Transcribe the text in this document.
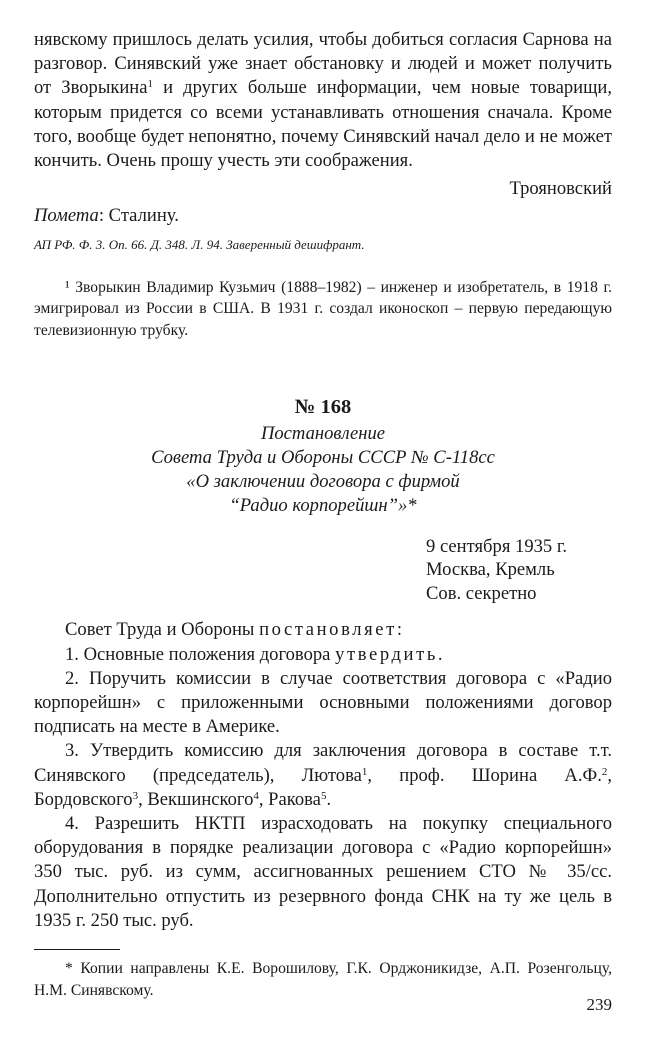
нявскому пришлось делать усилия, чтобы добиться согласия Сарнова на разговор. Синявский уже знает обстановку и людей и может получить от Зворыкина$^1$ и других больше информации, чем новые товарищи, которым придется со всеми устанавливать отношения сначала. Кроме того, вообще будет непонятно, почему Синявский начал дело и не может кончить. Очень прошу учесть эти соображения.

Трояновский

Помета: Сталину.

АП РФ. Ф. 3. Оп. 66. Д. 348. Л. 94. Заверенный дешифрант.

¹ Зворыкин Владимир Кузьмич (1888–1982) – инженер и изобретатель, в 1918 г. эмигрировал из России в США. В 1931 г. создал иконоскоп – первую передающую телевизионную трубку.

№ 168
Постановление
Совета Труда и Обороны СССР № С-118сс
«О заключении договора с фирмой
“Радио корпорейшн”»*
9 сентября 1935 г.
Москва, Кремль
Сов. секретно

Совет Труда и Обороны постановляет:

1. Основные положения договора утвердить.

2. Поручить комиссии в случае соответствия договора с «Радио корпорейшн» с приложенными основными положениями договор подписать на месте в Америке.

3. Утвердить комиссию для заключения договора в составе т.т. Синявского (председатель), Лютова$^1$, проф. Шорина А.Ф.$^2$, Бордовского$^3$, Векшинского$^4$, Ракова$^5$.

4. Разрешить НКТП израсходовать на покупку специального оборудования в порядке реализации договора с «Радио корпорейшн» 350 тыс. руб. из сумм, ассигнованных решением СТО № 35/сс. Дополнительно отпустить из резервного фонда СНК на ту же цель в 1935 г. 250 тыс. руб.

* Копии направлены К.Е. Ворошилову, Г.К. Орджоникидзе, А.П. Розенгольцу, Н.М. Синявскому.

239
